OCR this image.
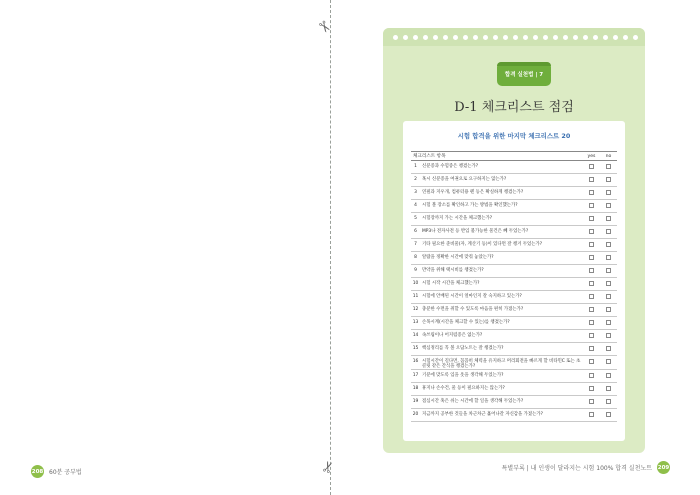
208 60분 공부법
✂
✂
합격 실천법 | 7
D-1 체크리스트 점검
시험 합격을 위한 마지막 체크리스트 20
체크리스트 항목	yes	no
1	신분증과 수험증은 챙겼는가?
2	혹시 신분증을 여권으로 요구하지는 않는가?
3	연필과 지우개, 컴퓨터용 펜 등은 확실하게 챙겼는가?
4	시험 볼 장소를 확인하고 가는 방법을 확인했는가?
5	시험장까지 가는 시간을 체크했는가?
6	MP3나 전자사전 등 반입 불가능한 물건은 빼 두었는가?
7	기타 필요한 준비물(자, 계산기 등)이 있다면 잘 챙겨 두었는가?
8	알람을 정확한 시간에 맞춰 놓았는가?
9	만약을 위해 택시비를 챙겼는가?
10 시험 시작 시간을 체크했는가?
11 시험에 안배된 시간이 얼마인지 잘 숙지하고 있는가?
12 충분한 수면을 취할 수 있도록 마음을 편히 가졌는가?
13 손목시계(시간을 체크할 수 있는)를 챙겼는가?
14 속쓰림이나 어지럼증은 없는가?
15 핵심정리를 꼭 볼 오답노트는 잘 챙겼는가?
16 시험시간이 길다면, 꼼꼼히 체력을 유지하고 머리회전을 빠르게 할 비타민C 또는 초콜릿 같은 간식을 챙겼는가?
17 기분에 맞도록 입을 옷을 생각해 두었는가?
18 휴지나 손수건, 물 등이 필요하지는 않는가?
19 점심시간 혹은 쉬는 시간에 할 일을 생각해 두었는가?
20 지금까지 공부한 것들을 차근차근 훑어나갈 자신감을 가졌는가?
특별부록 | 내 인생이 달라지는 시험 100% 합격 실천노트 209
